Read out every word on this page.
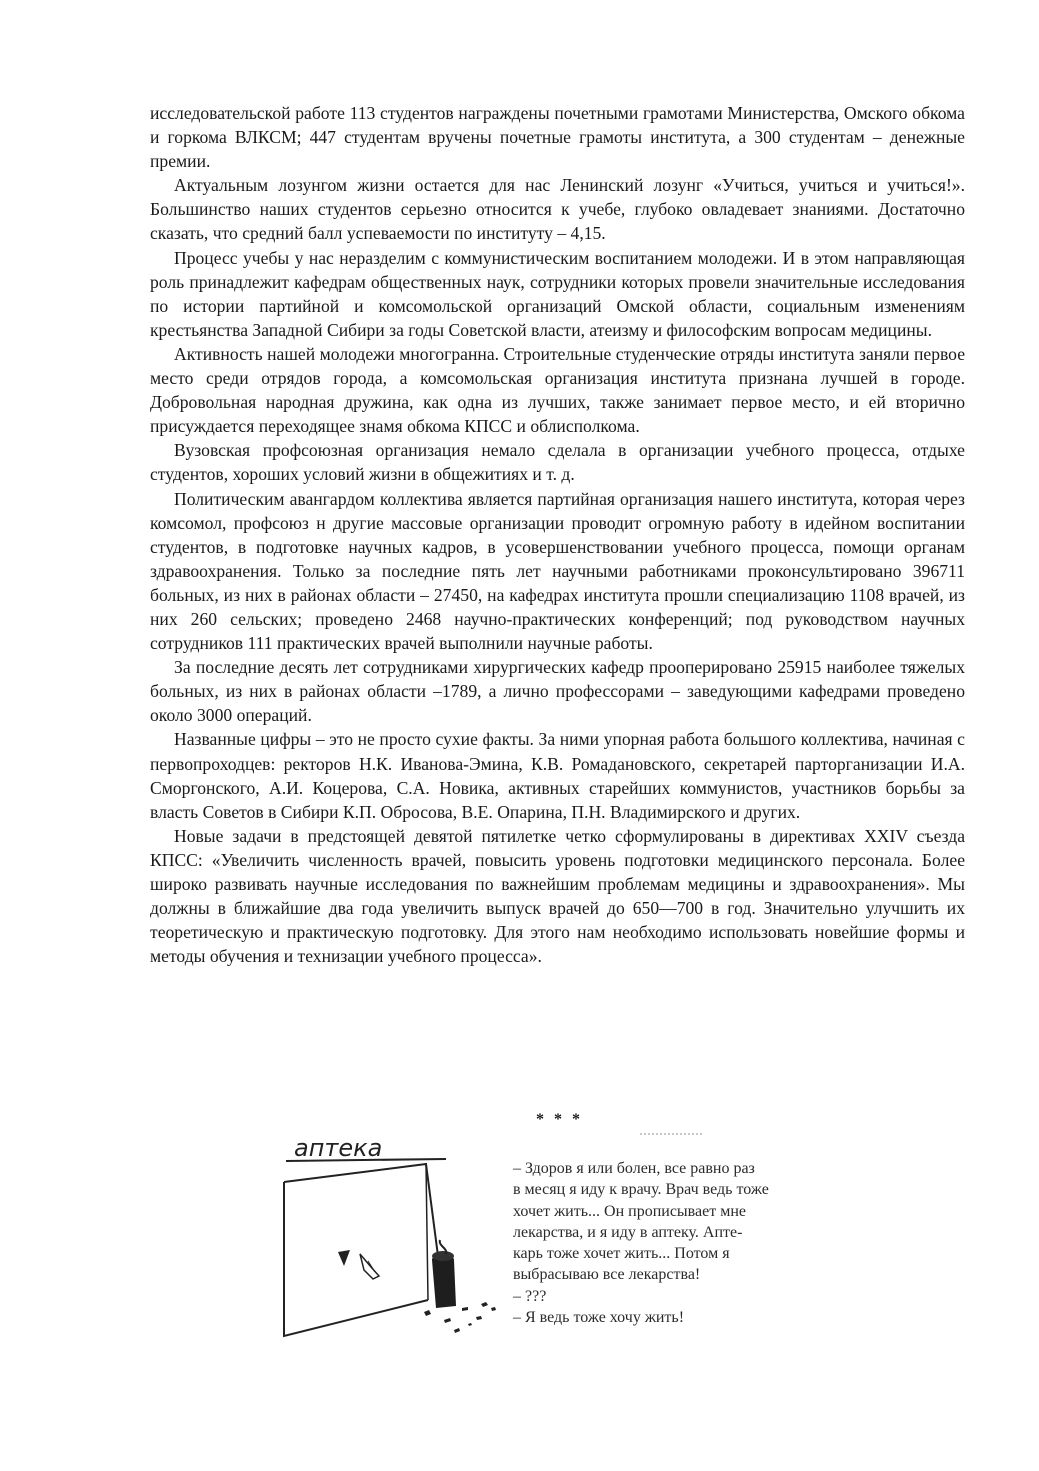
исследовательской работе 113 студентов награждены почетными грамотами Министерства, Омского обкома и горкома ВЛКСМ; 447 студентам вручены почетные грамоты института, а 300 студентам – денежные премии.

Актуальным лозунгом жизни остается для нас Ленинский лозунг «Учиться, учиться и учиться!». Большинство наших студентов серьезно относится к учебе, глубоко овладевает знаниями. Достаточно сказать, что средний балл успеваемости по институту – 4,15.

Процесс учебы у нас неразделим с коммунистическим воспитанием молодежи. И в этом направляющая роль принадлежит кафедрам общественных наук, сотрудники которых провели значительные исследования по истории партийной и комсомольской организаций Омской области, социальным изменениям крестьянства Западной Сибири за годы Советской власти, атеизму и философским вопросам медицины.

Активность нашей молодежи многогранна. Строительные студенческие отряды института заняли первое место среди отрядов города, а комсомольская организация института признана лучшей в городе. Добровольная народная дружина, как одна из лучших, также занимает первое место, и ей вторично присуждается переходящее знамя обкома КПСС и облисполкома.

Вузовская профсоюзная организация немало сделала в организации учебного процесса, отдыхе студентов, хороших условий жизни в общежитиях и т. д.

Политическим авангардом коллектива является партийная организация нашего института, которая через комсомол, профсоюз н другие массовые организации проводит огромную работу в идейном воспитании студентов, в подготовке научных кадров, в усовершенствовании учебного процесса, помощи органам здравоохранения. Только за последние пять лет научными работниками проконсультировано 396711 больных, из них в районах области – 27450, на кафедрах института прошли специализацию 1108 врачей, из них 260 сельских; проведено 2468 научно-практических конференций; под руководством научных сотрудников 111 практических врачей выполнили научные работы.

За последние десять лет сотрудниками хирургических кафедр прооперировано 25915 наиболее тяжелых больных, из них в районах области –1789, а лично профессорами – заведующими кафедрами проведено около 3000 операций.

Названные цифры – это не просто сухие факты. За ними упорная работа большого коллектива, начиная с первопроходцев: ректоров Н.К. Иванова-Эмина, К.В. Ромадановского, секретарей парторганизации И.А. Сморгонского, А.И. Коцерова, С.А. Новика, активных старейших коммунистов, участников борьбы за власть Советов в Сибири К.П. Обросова, В.Е. Опарина, П.Н. Владимирского и других.

Новые задачи в предстоящей девятой пятилетке четко сформулированы в директивах XXIV съезда КПСС: «Увеличить численность врачей, повысить уровень подготовки медицинского персонала. Более широко развивать научные исследования по важнейшим проблемам медицины и здравоохранения». Мы должны в ближайшие два года увеличить выпуск врачей до 650—700 в год. Значительно улучшить их теоретическую и практическую подготовку. Для этого нам необходимо использовать новейшие формы и методы обучения и технизации учебного процесса».

* * *
аптека
– Здоров я или болен, все равно раз
в месяц я иду к врачу. Врач ведь тоже
хочет жить... Он прописывает мне
лекарства, и я иду в аптеку. Апте-
карь тоже хочет жить... Потом я
выбрасываю все лекарства!
– ???
– Я ведь тоже хочу жить!
